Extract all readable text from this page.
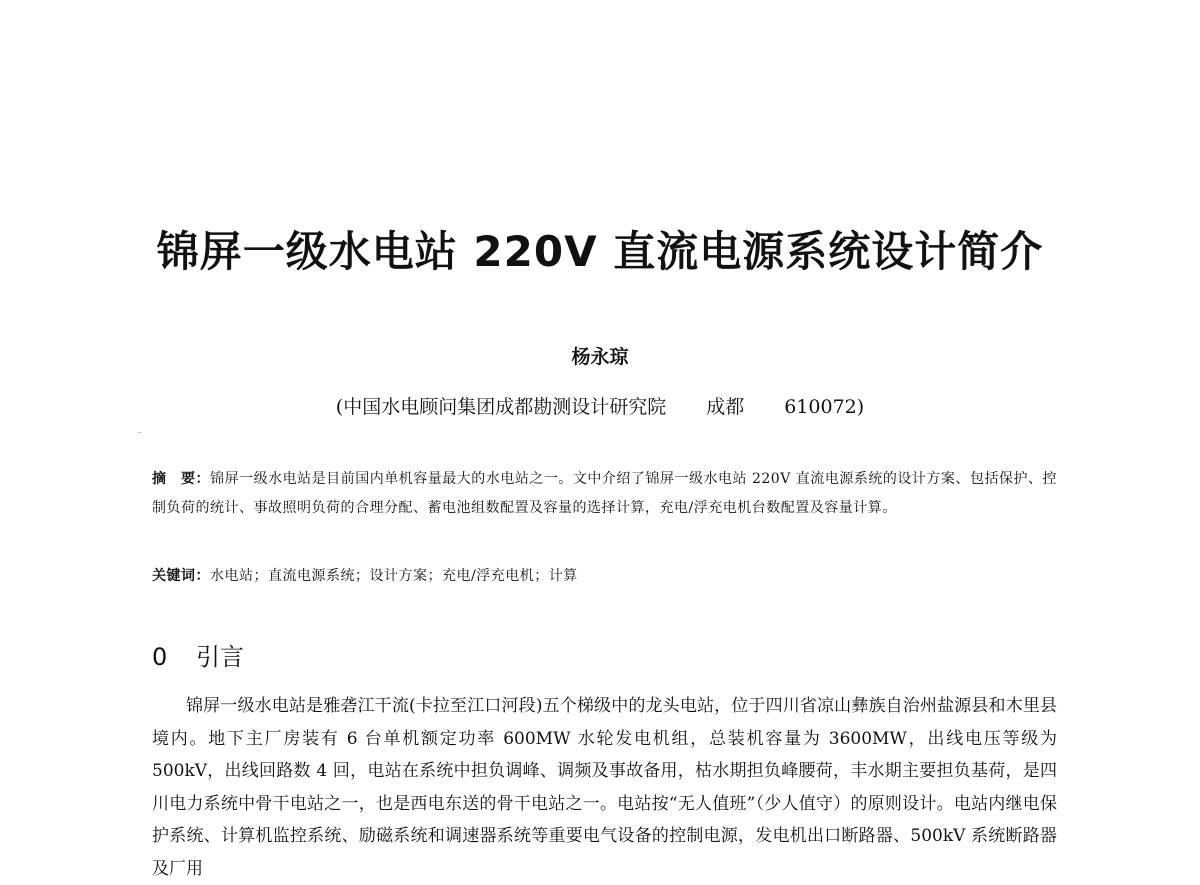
锦屏一级水电站 220V 直流电源系统设计简介
杨永琼
(中国水电顾问集团成都勘测设计研究院 成都 610072)

摘　要：锦屏一级水电站是目前国内单机容量最大的水电站之一。文中介绍了锦屏一级水电站 220V 直流电源系统的设计方案、包括保护、控制负荷的统计、事故照明负荷的合理分配、蓄电池组数配置及容量的选择计算，充电/浮充电机台数配置及容量计算。

关键词：水电站；直流电源系统；设计方案；充电/浮充电机；计算
0 引言

锦屏一级水电站是雅砻江干流(卡拉至江口河段)五个梯级中的龙头电站，位于四川省凉山彝族自治州盐源县和木里县境内。地下主厂房装有 6 台单机额定功率 600MW 水轮发电机组，总装机容量为 3600MW，出线电压等级为 500kV，出线回路数 4 回，电站在系统中担负调峰、调频及事故备用，枯水期担负峰腰荷，丰水期主要担负基荷，是四川电力系统中骨干电站之一，也是西电东送的骨干电站之一。电站按“无人值班”（少人值守）的原则设计。电站内继电保护系统、计算机监控系统、励磁系统和调速器系统等重要电气设备的控制电源，发电机出口断路器、500kV 系统断路器及厂用
